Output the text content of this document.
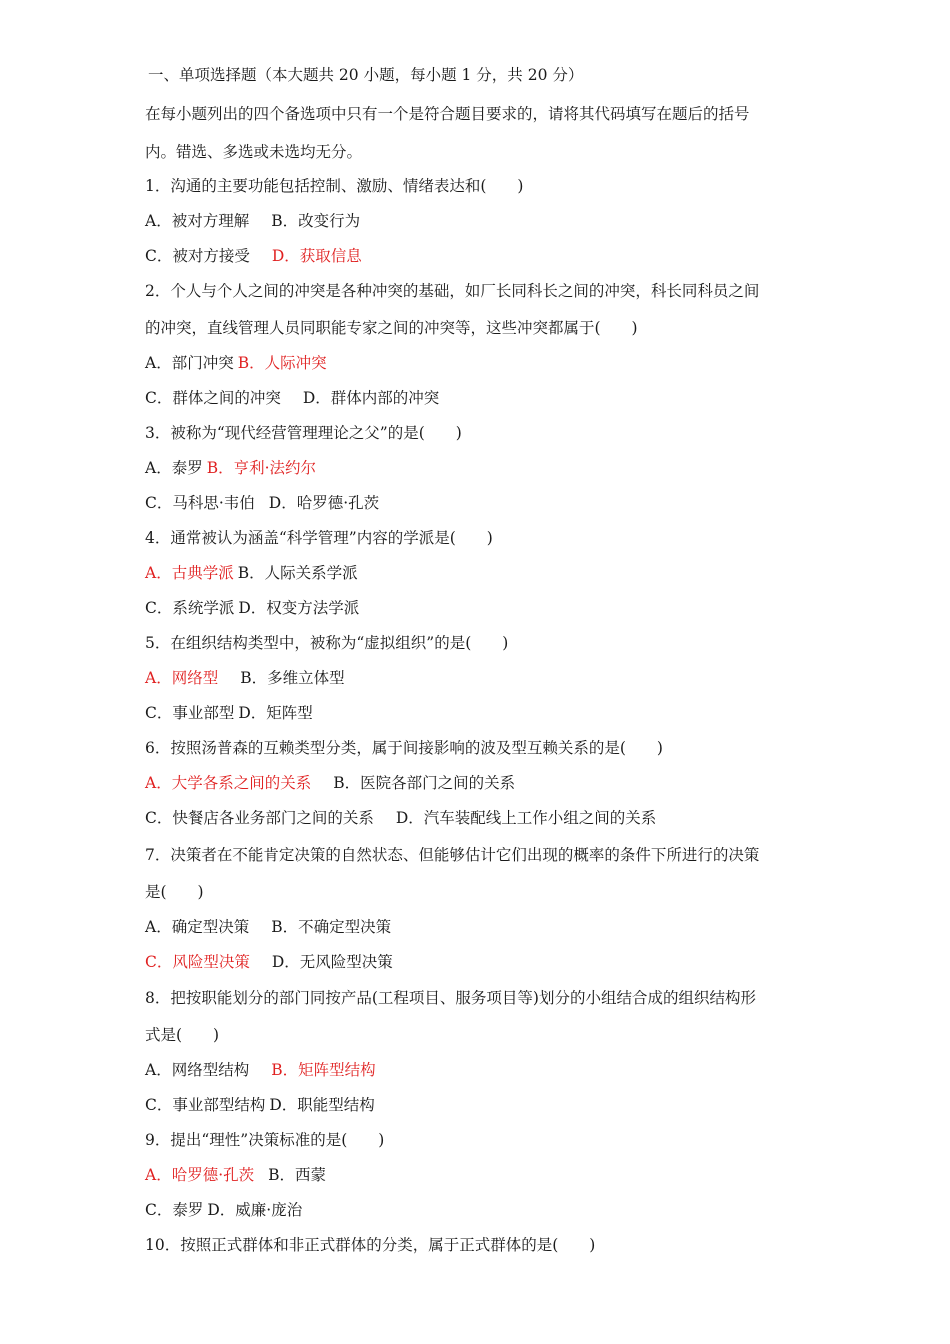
一、单项选择题（本大题共 20 小题，每小题 1 分，共 20 分）
在每小题列出的四个备选项中只有一个是符合题目要求的，请将其代码填写在题后的括号
内。错选、多选或未选均无分。
1．沟通的主要功能包括控制、激励、情绪表达和(　　)
A．被对方理解 B．改变行为
C．被对方接受 D．获取信息
2．个人与个人之间的冲突是各种冲突的基础，如厂长同科长之间的冲突，科长同科员之间
的冲突，直线管理人员同职能专家之间的冲突等，这些冲突都属于(　　)
A．部门冲突 B．人际冲突
C．群体之间的冲突 D．群体内部的冲突
3．被称为“现代经营管理理论之父”的是(　　)
A．泰罗 B．亨利·法约尔
C．马科思·韦伯 D．哈罗德·孔茨
4．通常被认为涵盖“科学管理”内容的学派是(　　)
A．古典学派 B．人际关系学派
C．系统学派 D．权变方法学派
5．在组织结构类型中，被称为“虚拟组织”的是(　　)
A．网络型 B．多维立体型
C．事业部型 D．矩阵型
6．按照汤普森的互赖类型分类，属于间接影响的波及型互赖关系的是(　　)
A．大学各系之间的关系 B．医院各部门之间的关系
C．快餐店各业务部门之间的关系 D．汽车装配线上工作小组之间的关系
7．决策者在不能肯定决策的自然状态、但能够估计它们出现的概率的条件下所进行的决策
是(　　)
A．确定型决策 B．不确定型决策
C．风险型决策 D．无风险型决策
8．把按职能划分的部门同按产品(工程项目、服务项目等)划分的小组结合成的组织结构形
式是(　　)
A．网络型结构 B．矩阵型结构
C．事业部型结构 D．职能型结构
9．提出“理性”决策标准的是(　　)
A．哈罗德·孔茨 B．西蒙
C．泰罗 D．威廉·庞治
10．按照正式群体和非正式群体的分类，属于正式群体的是(　　)
